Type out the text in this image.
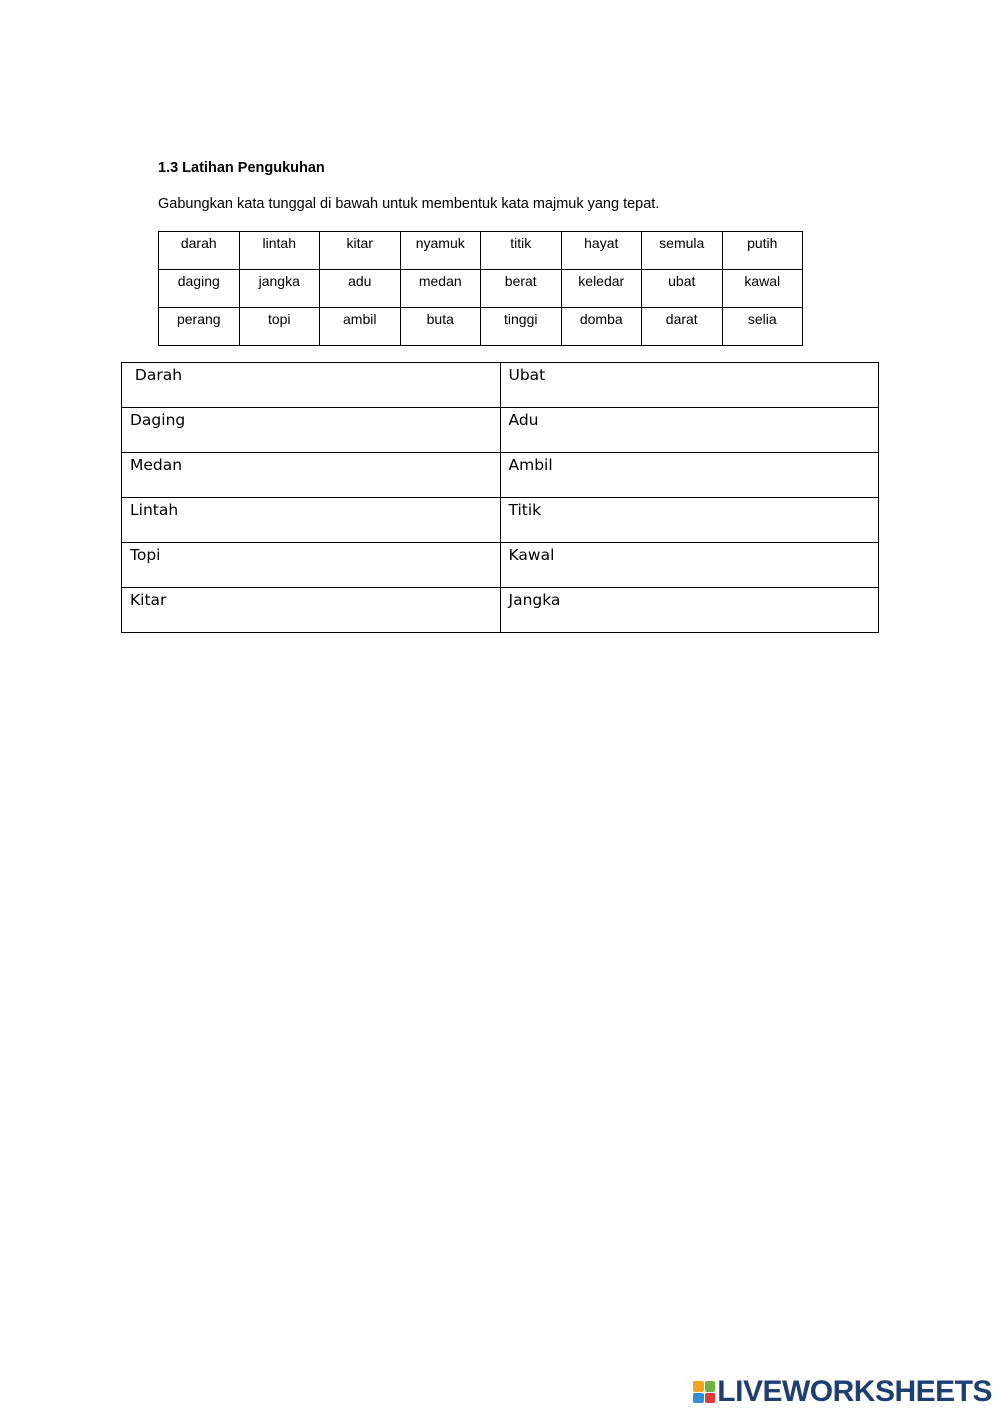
1.3 Latihan Pengukuhan

Gabungkan kata tunggal di bawah untuk membentuk kata majmuk yang tepat.

darah	lintah	kitar	nyamuk	titik	hayat	semula	putih
daging	jangka	adu	medan	berat	keledar	ubat	kawal
perang	topi	ambil	buta	tinggi	domba	darat	selia
Darah	Ubat
Daging	Adu
Medan	Ambil
Lintah	Titik
Topi	Kawal
Kitar	Jangka
LIVEWORKSHEETS
